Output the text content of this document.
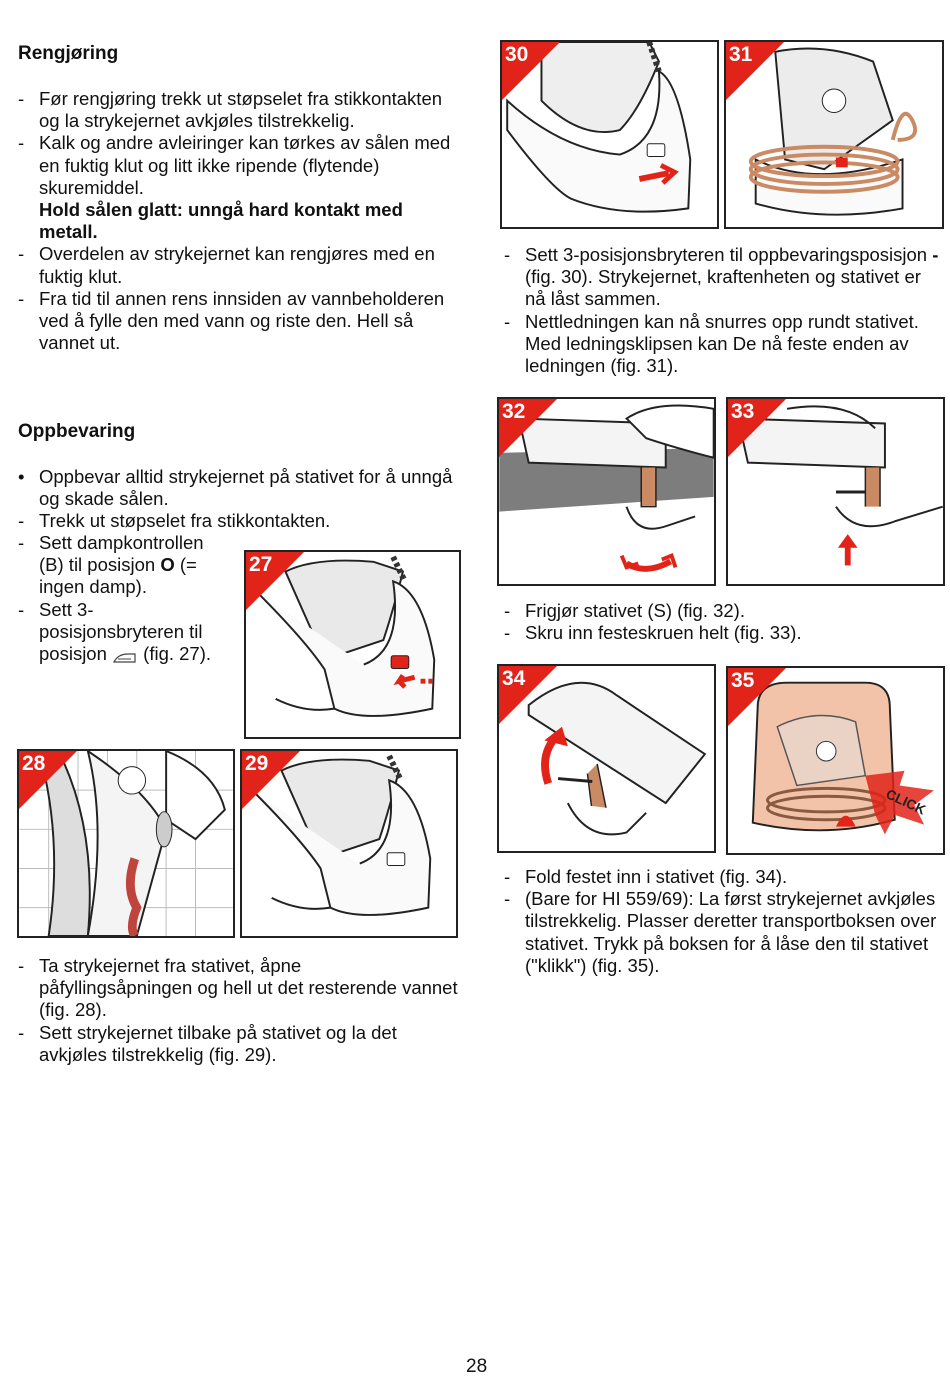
Rengjøring
- Før rengjøring trekk ut støpselet fra stikkontakten og la strykejernet avkjøles tilstrekkelig.
- Kalk og andre avleiringer kan tørkes av sålen med en fuktig klut og litt ikke ripende (flytende) skuremiddel.
Hold sålen glatt: unngå hard kontakt med metall.
- Overdelen av strykejernet kan rengjøres med en fuktig klut.
- Fra tid til annen rens innsiden av vannbeholderen ved å fylle den med vann og riste den. Hell så vannet ut.
Oppbevaring
• Oppbevar alltid strykejernet på stativet for å unngå og skade sålen.
- Trekk ut støpselet fra stikkontakten.
- Sett dampkontrollen (B) til posisjon O (= ingen damp).
- Sett 3-posisjonsbryteren til posisjon  (fig. 27).
27
28	29
- Ta strykejernet fra stativet, åpne påfyllingsåpningen og hell ut det resterende vannet (fig. 28).
- Sett strykejernet tilbake på stativet og la det avkjøles tilstrekkelig (fig. 29).
30	31
- Sett 3-posisjonsbryteren til oppbevaringsposisjon - (fig. 30). Strykejernet, kraftenheten og stativet er nå låst sammen.
- Nettledningen kan nå snurres opp rundt stativet. Med ledningsklipsen kan De nå feste enden av ledningen (fig. 31).
32	33
- Frigjør stativet (S) (fig. 32).
- Skru inn festeskruen helt (fig. 33).
34
CLICK
35
- Fold festet inn i stativet (fig. 34).
- (Bare for HI 559/69): La først strykejernet avkjøles tilstrekkelig. Plasser deretter transportboksen over stativet. Trykk på boksen for å låse den til stativet ("klikk") (fig. 35).
28
